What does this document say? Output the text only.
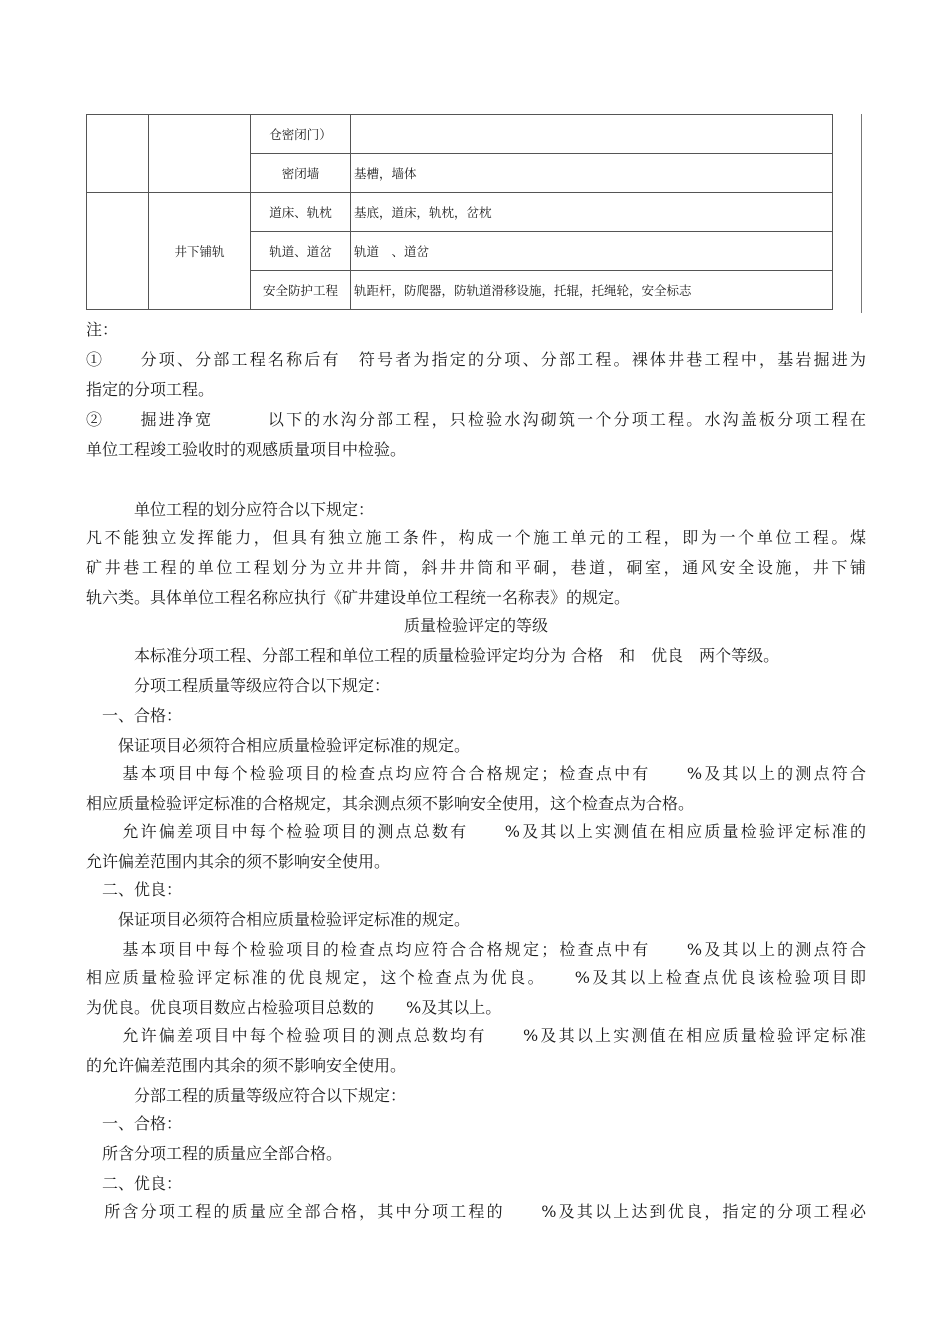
		仓密闭门）	
		密闭墙	基槽，墙体
	井下铺轨	道床、轨枕	基底，道床，轨枕，岔枕
		轨道、道岔	轨道　、道岔
		安全防护工程	轨距杆，防爬器，防轨道滑移设施，托辊，托绳轮，安全标志
注：
①　　分项、分部工程名称后有　符号者为指定的分项、分部工程。裸体井巷工程中，基岩掘进为
指定的分项工程。
②　　掘进净宽　　　以下的水沟分部工程，只检验水沟砌筑一个分项工程。水沟盖板分项工程在
单位工程竣工验收时的观感质量项目中检验。
　　　单位工程的划分应符合以下规定：
凡不能独立发挥能力，但具有独立施工条件，构成一个施工单元的工程，即为一个单位工程。煤
矿井巷工程的单位工程划分为立井井筒，斜井井筒和平硐，巷道，硐室，通风安全设施，井下铺
轨六类。具体单位工程名称应执行《矿井建设单位工程统一名称表》的规定。
质量检验评定的等级
　　　本标准分项工程、分部工程和单位工程的质量检验评定均分为 合格　和　优良　两个等级。
　　　分项工程质量等级应符合以下规定：
　一、合格：
　　保证项目必须符合相应质量检验评定标准的规定。
　　基本项目中每个检验项目的检查点均应符合合格规定；检查点中有　　%及其以上的测点符合
相应质量检验评定标准的合格规定，其余测点须不影响安全使用，这个检查点为合格。
　　允许偏差项目中每个检验项目的测点总数有　　%及其以上实测值在相应质量检验评定标准的
允许偏差范围内其余的须不影响安全使用。
　二、优良：
　　保证项目必须符合相应质量检验评定标准的规定。
　　基本项目中每个检验项目的检查点均应符合合格规定；检查点中有　　%及其以上的测点符合
相应质量检验评定标准的优良规定，这个检查点为优良。　　%及其以上检查点优良该检验项目即
为优良。优良项目数应占检验项目总数的　　%及其以上。
　　允许偏差项目中每个检验项目的测点总数均有　　%及其以上实测值在相应质量检验评定标准
的允许偏差范围内其余的须不影响安全使用。
　　　分部工程的质量等级应符合以下规定：
　一、合格：
　所含分项工程的质量应全部合格。
　二、优良：
　所含分项工程的质量应全部合格，其中分项工程的　　%及其以上达到优良，指定的分项工程必
